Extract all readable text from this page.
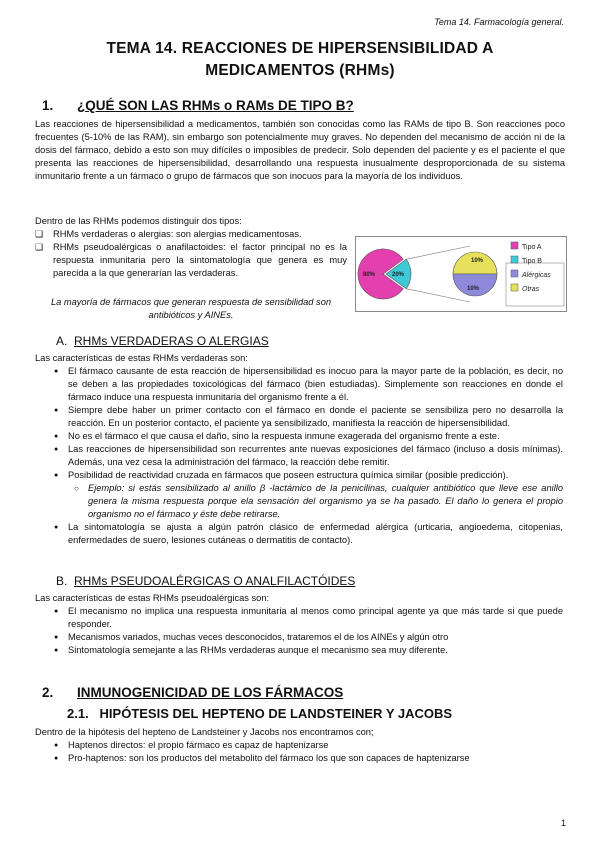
Tema 14. Farmacología general.
TEMA 14. REACCIONES DE HIPERSENSIBILIDAD A MEDICAMENTOS (RHMs)
1. ¿QUÉ SON LAS RHMs o RAMs DE TIPO B?
Las reacciones de hipersensibilidad a medicamentos, también son conocidas como las RAMs de tipo B. Son reacciones poco frecuentes (5-10% de las RAM), sin embargo son potencialmente muy graves. No dependen del mecanismo de acción ni de la dosis del fármaco, debido a esto son muy difíciles o imposibles de predecir. Solo dependen del paciente y es el paciente el que presenta las reacciones de hipersensibilidad, desarrollando una respuesta inusualmente desproporcionada de su sistema inmunitario frente a un fármaco o grupo de fármacos que son inocuos para la mayoría de los individuos.
Dentro de las RHMs podemos distinguir dos tipos:
❑ RHMs verdaderas o alergias: son alergias medicamentosas.
❑ RHMs pseudoalérgicas o anafilactoides: el factor principal no es la respuesta inmunitaria pero la sintomatología que genera es muy parecida a la que generarían las verdaderas.
La mayoría de fármacos que generan respuesta de sensibilidad son antibióticos y AINEs.
80%	20%
10%
10%
Tipo A
Tipo B
Alérgicas
Otras
A. RHMs VERDADERAS O ALERGIAS
Las características de estas RHMs verdaderas son:
● El fármaco causante de esta reacción de hipersensibilidad es inocuo para la mayor parte de la población, es decir, no se deben a las propiedades toxicológicas del fármaco (bien estudiadas). Simplemente son reacciones en donde el fármaco induce una respuesta inmunitaria del organismo frente a él.
● Siempre debe haber un primer contacto con el fármaco en donde el paciente se sensibiliza pero no desarrolla la reacción. En un posterior contacto, el paciente ya sensibilizado, manifiesta la reacción de hipersensibilidad.
● No es el fármaco el que causa el daño, sino la respuesta inmune exagerada del organismo frente a este.
● Las reacciones de hipersensibilidad son recurrentes ante nuevas exposiciones del fármaco (incluso a dosis mínimas). Además, una vez cesa la administración del fármaco, la reacción debe remitir.
● Posibilidad de reactividad cruzada en fármacos que poseen estructura química similar (posible predicción).
○ Ejemplo: si estás sensibilizado al anillo β -lactámico de la penicilinas, cualquier antibiótico que lleve ese anillo genera la misma respuesta porque ela sensación del organismo ya se ha pasado. El daño lo genera el propio organismo no el fármaco y éste debe retirarse.
● La sintomatología se ajusta a algún patrón clásico de enfermedad alérgica (urticaria, angioedema, citopenias, enfermedades de suero, lesiones cutáneas o dermatitis de contacto).
B. RHMs PSEUDOALÉRGICAS O ANALFILACTÓIDES
Las características de estas RHMs pseudoalérgicas son:
● El mecanismo no implica una respuesta inmunitaria al menos como principal agente ya que más tarde si que puede responder.
● Mecanismos variados, muchas veces desconocidos, trataremos el de los AINEs y algún otro
● Sintomatología semejante a las RHMs verdaderas aunque el mecanismo sea muy diferente.
2. INMUNOGENICIDAD DE LOS FÁRMACOS
2.1. HIPÓTESIS DEL HEPTENO DE LANDSTEINER Y JACOBS
Dentro de la hipótesis del hepteno de Landsteiner y Jacobs nos encontramos con;
● Haptenos directos: el propio fármaco es capaz de haptenizarse
● Pro-haptenos: son los productos del metabolito del fármaco los que son capaces de haptenizarse
1
